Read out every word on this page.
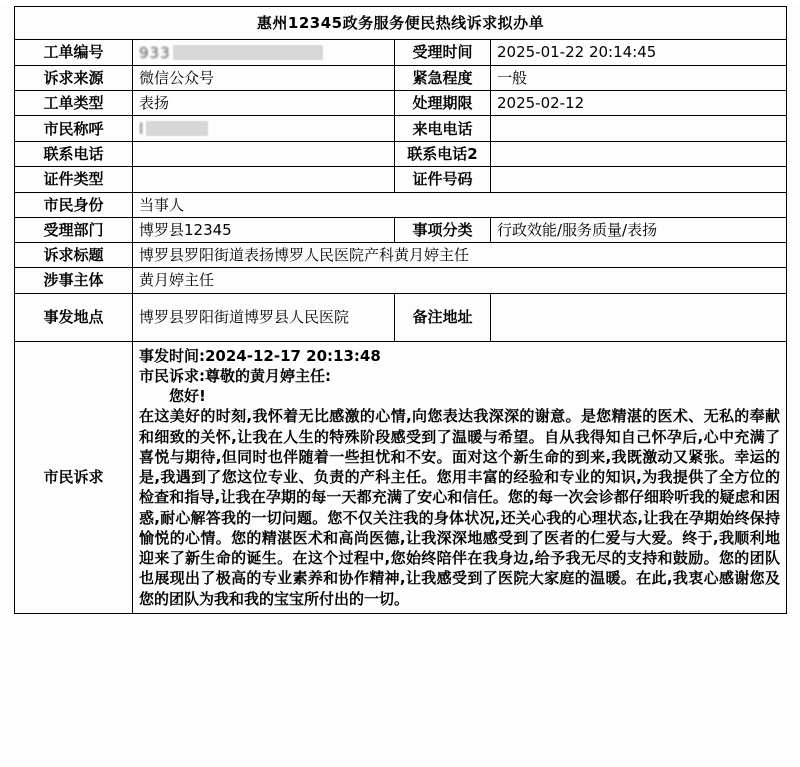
惠州12345政务服务便民热线诉求拟办单			
工单编号	933	受理时间	2025-01-22 20:14:45
诉求来源	微信公众号	紧急程度	一般
工单类型	表扬	处理期限	2025-02-12
市民称呼	l	来电电话	
联系电话		联系电话2	
证件类型		证件号码	
市民身份	当事人		
受理部门	博罗县12345	事项分类	行政效能/服务质量/表扬
诉求标题	博罗县罗阳街道表扬博罗人民医院产科黄月婷主任		
涉事主体	黄月婷主任		
事发地点	博罗县罗阳街道博罗县人民医院	备注地址	
市民诉求	事发时间:2024-12-17 20:13:48
市民诉求:尊敬的黄月婷主任:
您好!
在这美好的时刻,我怀着无比感激的心情,向您表达我深深的谢意。是您精湛的医术、无私的奉献和细致的关怀,让我在人生的特殊阶段感受到了温暖与希望。自从我得知自己怀孕后,心中充满了喜悦与期待,但同时也伴随着一些担忧和不安。面对这个新生命的到来,我既激动又紧张。幸运的是,我遇到了您这位专业、负责的产科主任。您用丰富的经验和专业的知识,为我提供了全方位的检查和指导,让我在孕期的每一天都充满了安心和信任。您的每一次会诊都仔细聆听我的疑虑和困惑,耐心解答我的一切问题。您不仅关注我的身体状况,还关心我的心理状态,让我在孕期始终保持愉悦的心情。您的精湛医术和高尚医德,让我深深地感受到了医者的仁爱与大爱。终于,我顺利地迎来了新生命的诞生。在这个过程中,您始终陪伴在我身边,给予我无尽的支持和鼓励。您的团队也展现出了极高的专业素养和协作精神,让我感受到了医院大家庭的温暖。在此,我衷心感谢您及您的团队为我和我的宝宝所付出的一切。		
